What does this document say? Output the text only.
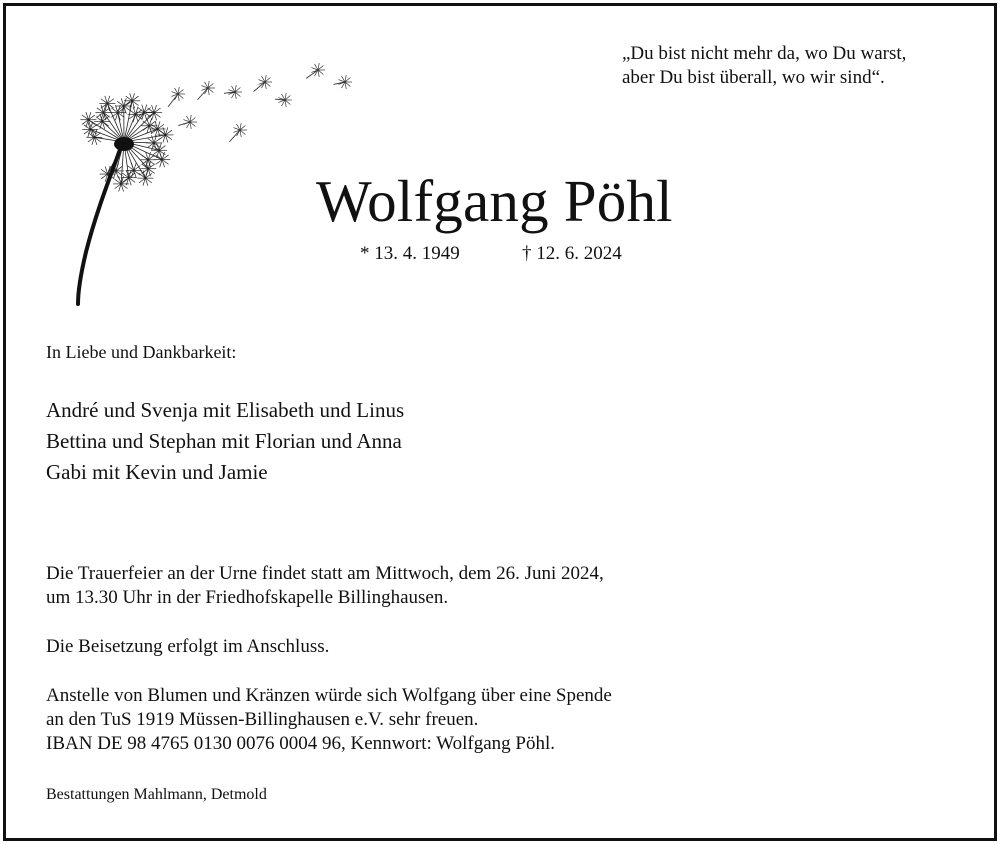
„Du bist nicht mehr da, wo Du warst,
aber Du bist überall, wo wir sind“.
Wolfgang Pöhl
* 13. 4. 1949	† 12. 6. 2024
In Liebe und Dankbarkeit:
André und Svenja mit Elisabeth und Linus
Bettina und Stephan mit Florian und Anna
Gabi mit Kevin und Jamie
Die Trauerfeier an der Urne findet statt am Mittwoch, dem 26. Juni 2024,
um 13.30 Uhr in der Friedhofskapelle Billinghausen.
Die Beisetzung erfolgt im Anschluss.
Anstelle von Blumen und Kränzen würde sich Wolfgang über eine Spende
an den TuS 1919 Müssen-Billinghausen e.V. sehr freuen.
IBAN DE 98 4765 0130 0076 0004 96, Kennwort: Wolfgang Pöhl.
Bestattungen Mahlmann, Detmold
